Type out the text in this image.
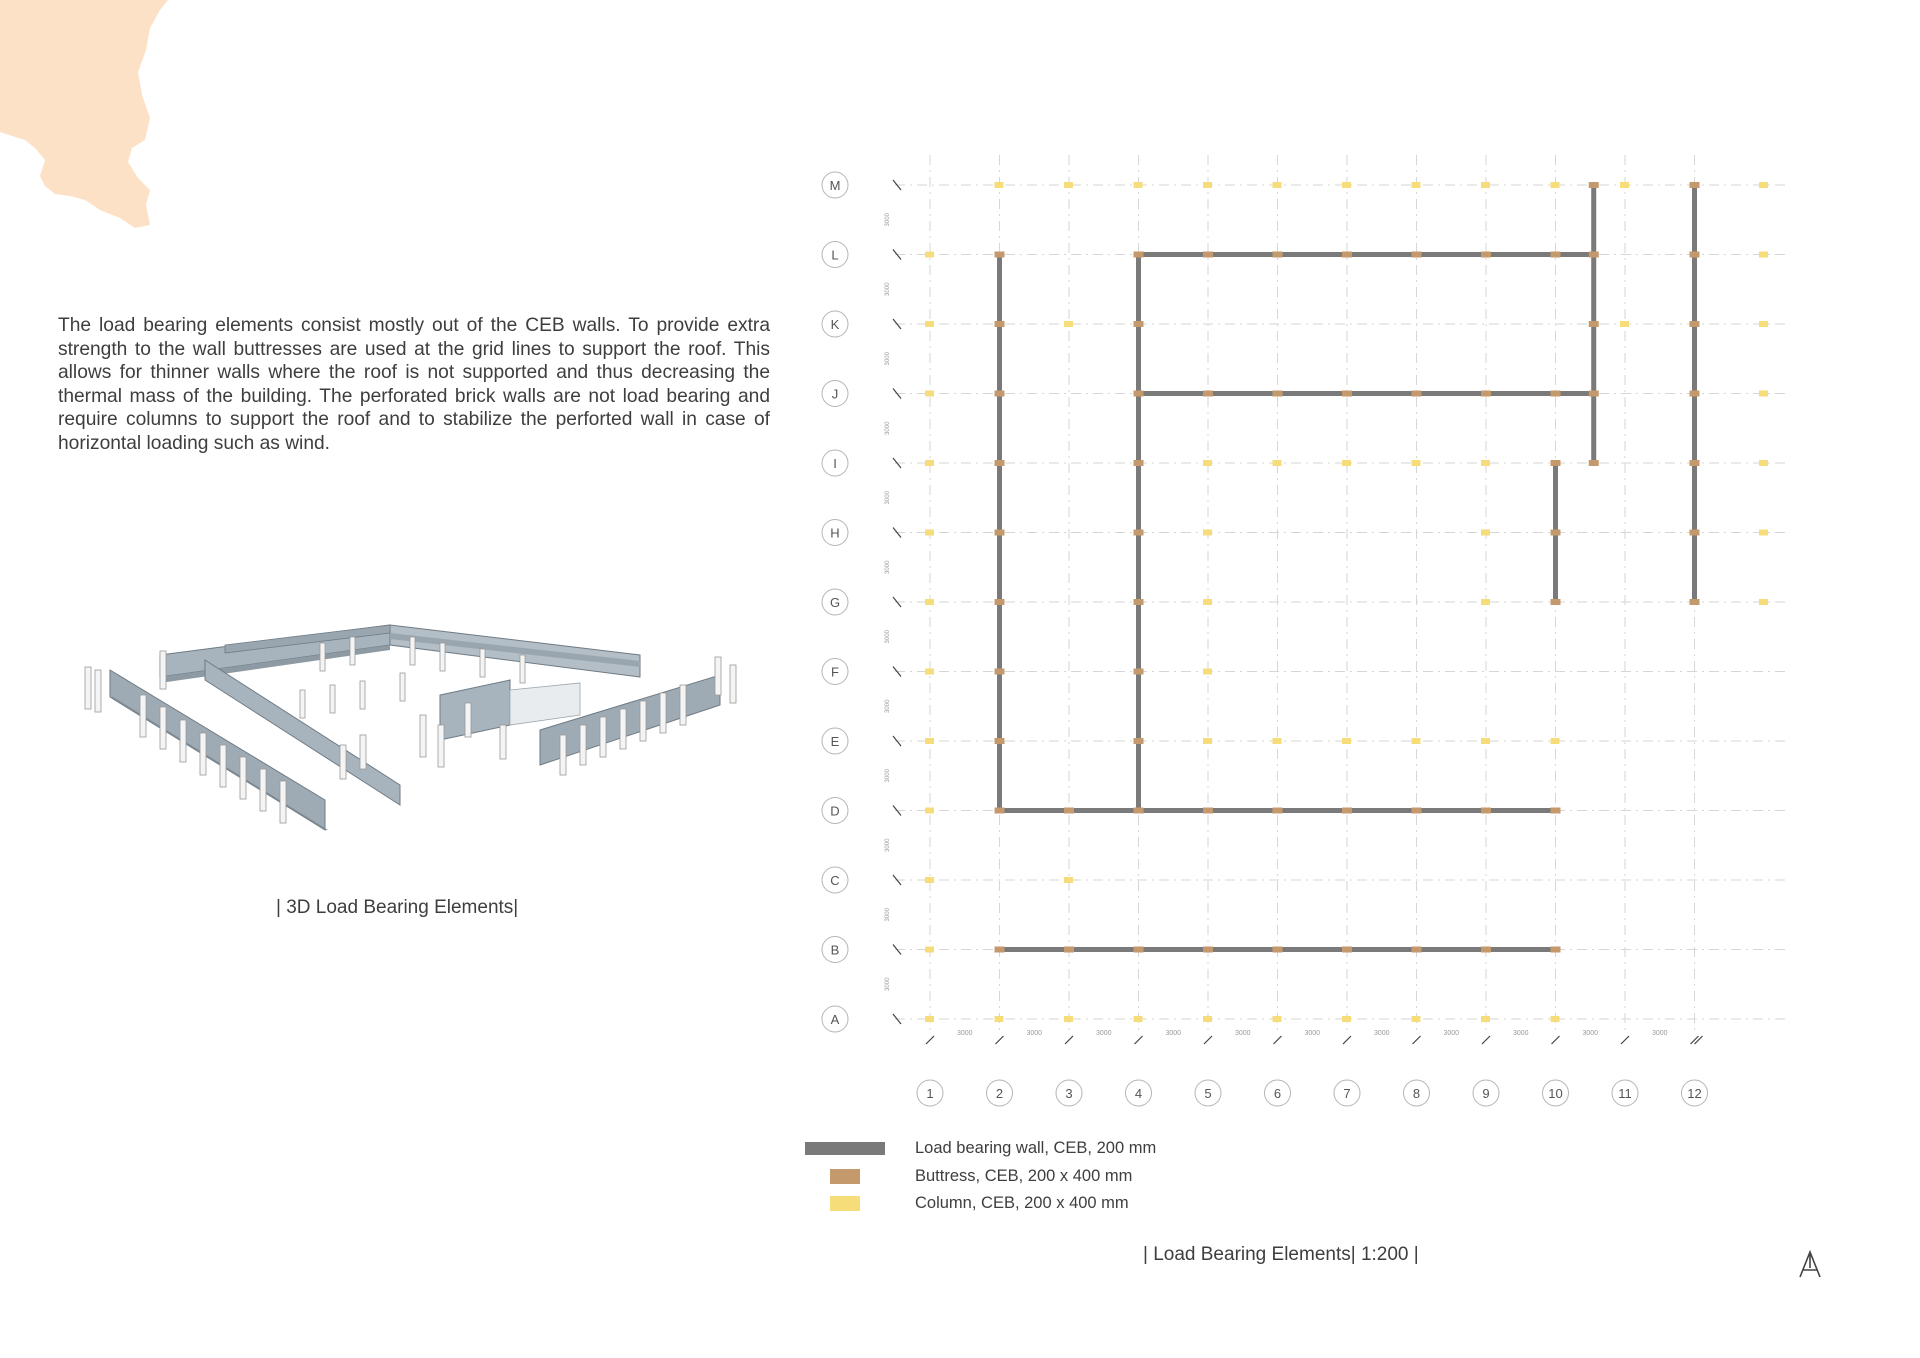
The load bearing elements consist mostly out of the CEB walls. To provide extra strength to the wall buttresses are used at the grid lines to support the roof. This allows for thinner walls where the roof is not supported and thus decreasing the thermal mass of the building. The perforated brick walls are not load bearing and require columns to support the roof and to stabilize the perforted wall in case of horizontal loading such as wind.

| 3D Load Bearing Elements|
M
3000
L
3000
K
3000
J
3000
I
3000
H
3000
G
3000
F
3000
E
3000
D
3000
C
3000
B
3000
A
1
3000
2
3000
3
3000
4
3000
5
3000
6
3000
7
3000
8
3000
9
3000
10
3000
11
3000
12
Load bearing wall, CEB, 200 mm
Buttress, CEB, 200 x 400 mm
Column, CEB, 200 x 400 mm
| Load Bearing Elements| 1:200 |
